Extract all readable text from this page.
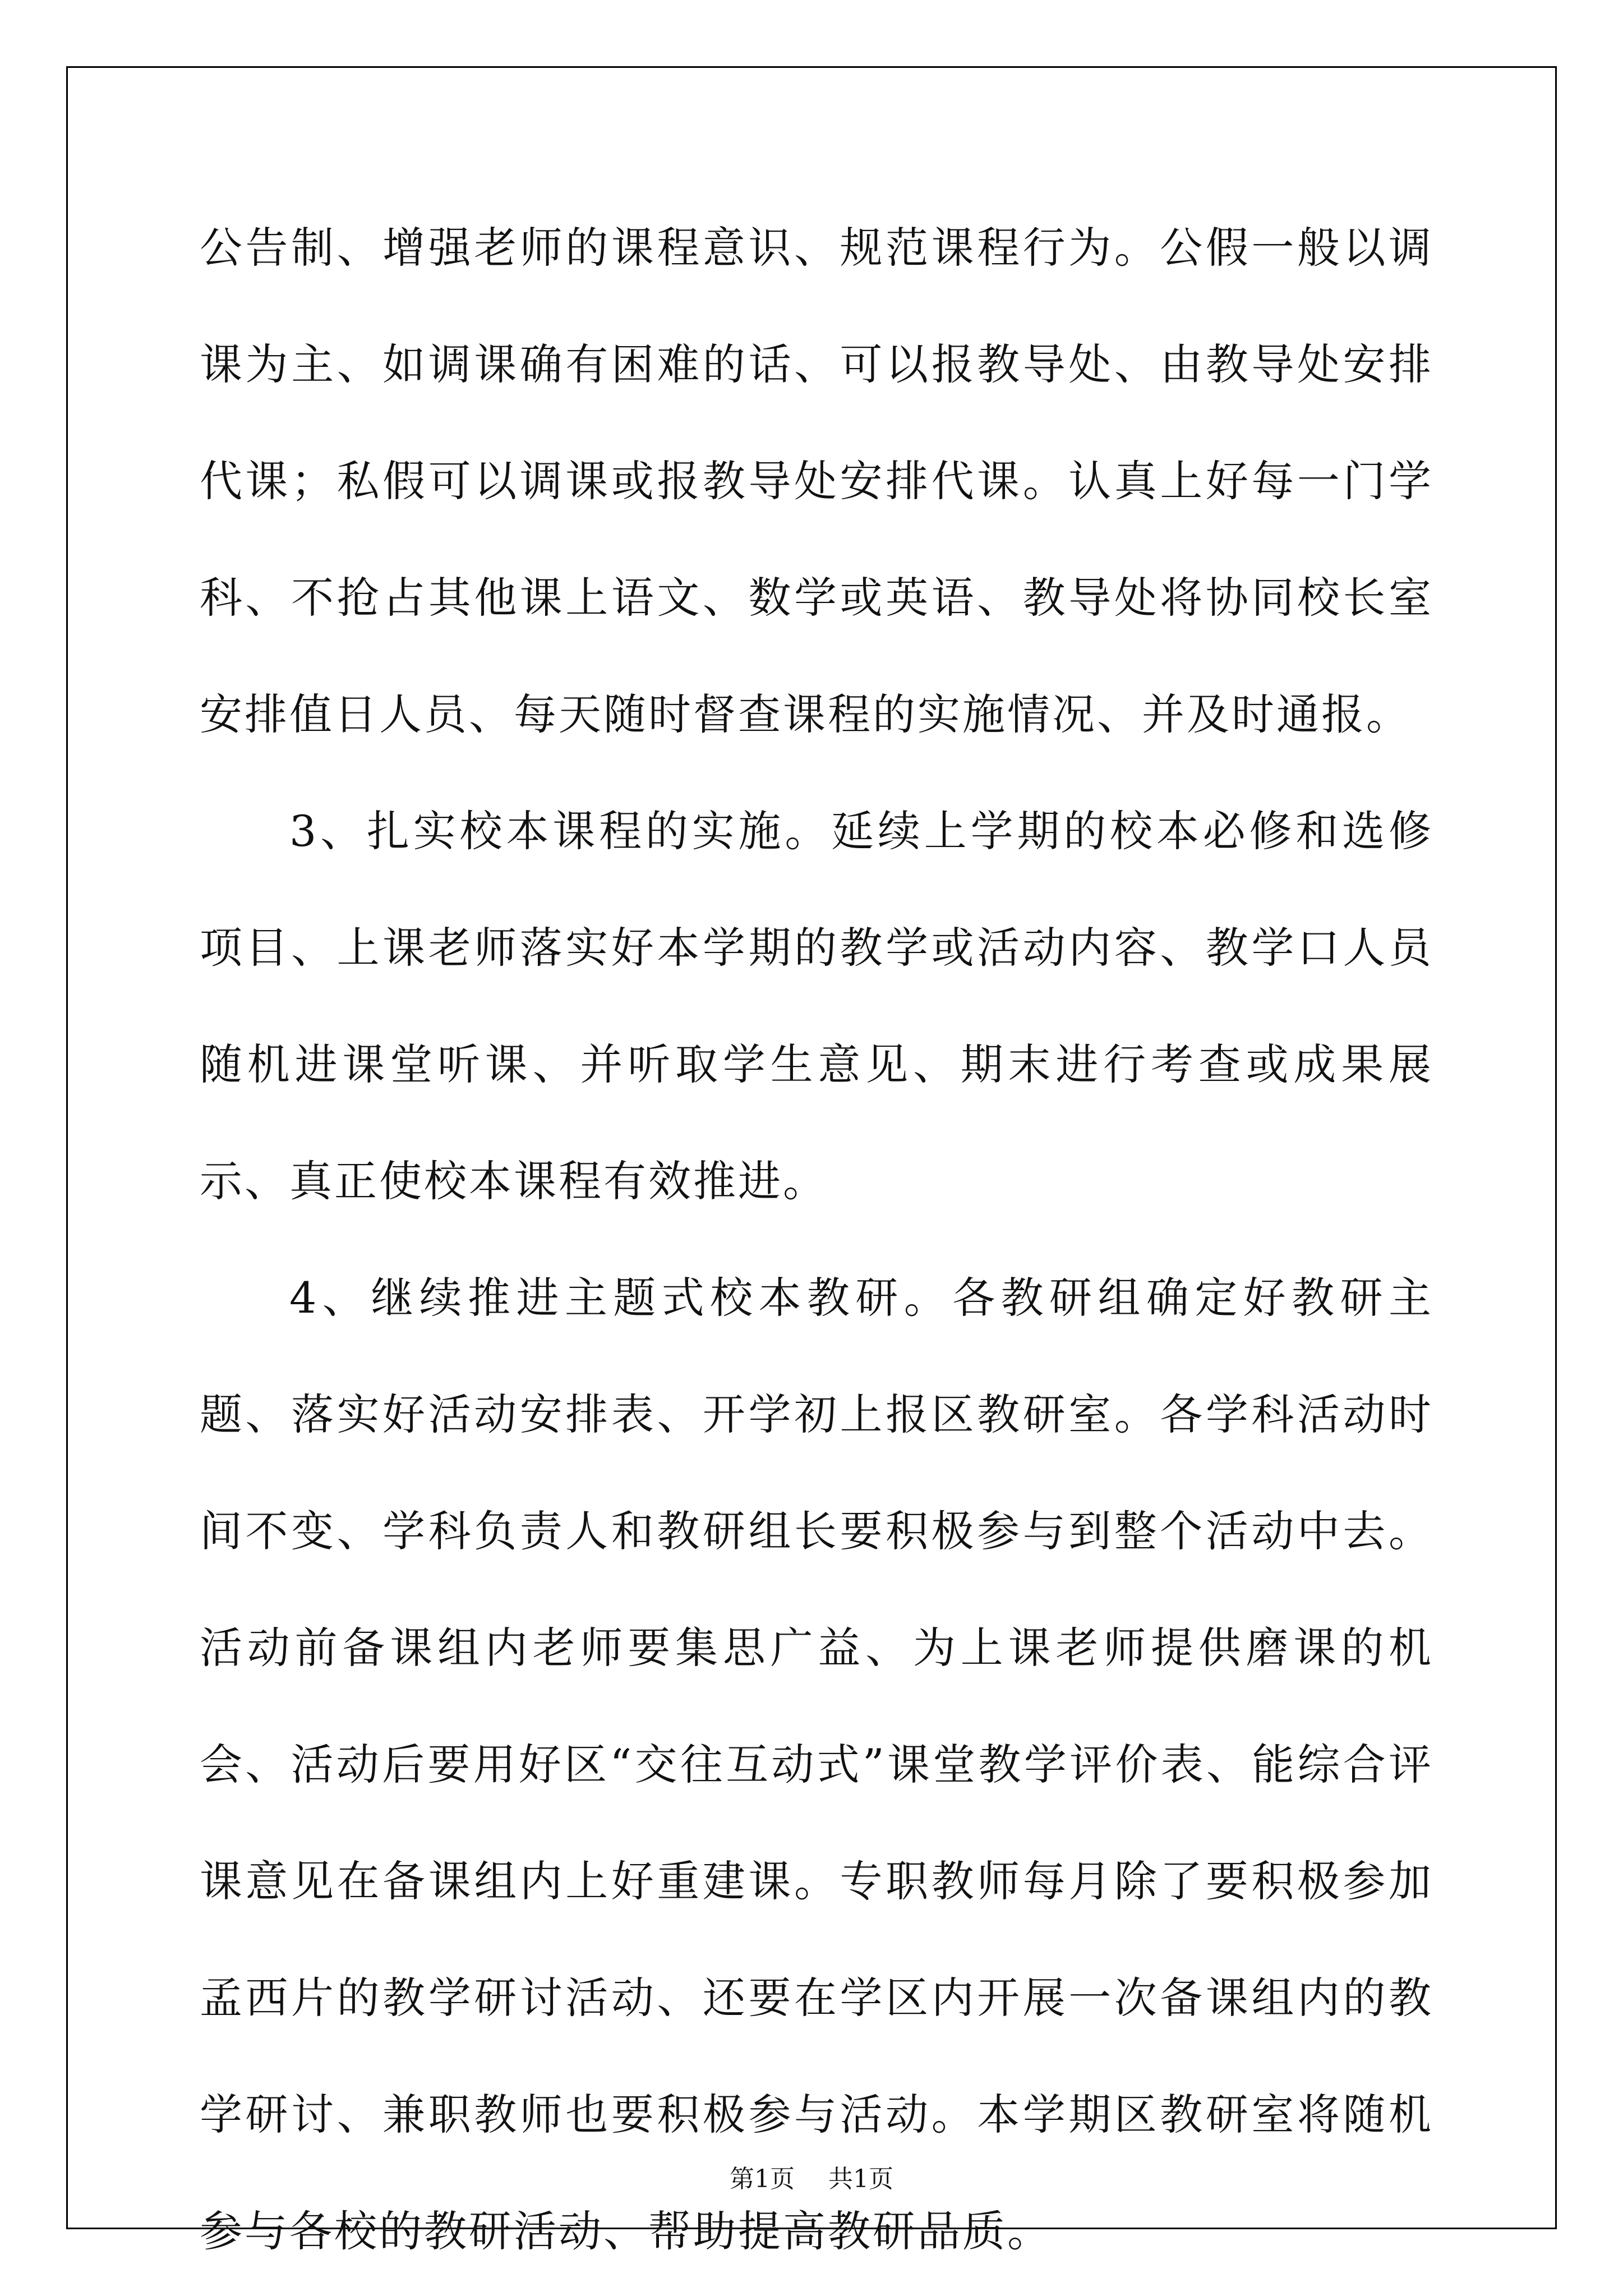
公告制、增强老师的课程意识、规范课程行为。公假一般以调课为主、如调课确有困难的话、可以报教导处、由教导处安排代课；私假可以调课或报教导处安排代课。认真上好每一门学科、不抢占其他课上语文、数学或英语、教导处将协同校长室安排值日人员、每天随时督查课程的实施情况、并及时通报。

3、扎实校本课程的实施。延续上学期的校本必修和选修项目、上课老师落实好本学期的教学或活动内容、教学口人员随机进课堂听课、并听取学生意见、期末进行考查或成果展示、真正使校本课程有效推进。

4、继续推进主题式校本教研。各教研组确定好教研主题、落实好活动安排表、开学初上报区教研室。各学科活动时间不变、学科负责人和教研组长要积极参与到整个活动中去。活动前备课组内老师要集思广益、为上课老师提供磨课的机会、活动后要用好区“交往互动式”课堂教学评价表、能综合评课意见在备课组内上好重建课。专职教师每月除了要积极参加孟西片的教学研讨活动、还要在学区内开展一次备课组内的教学研讨、兼职教师也要积极参与活动。本学期区教研室将随机参与各校的教研活动、帮助提高教研品质。

第1页 共1页
